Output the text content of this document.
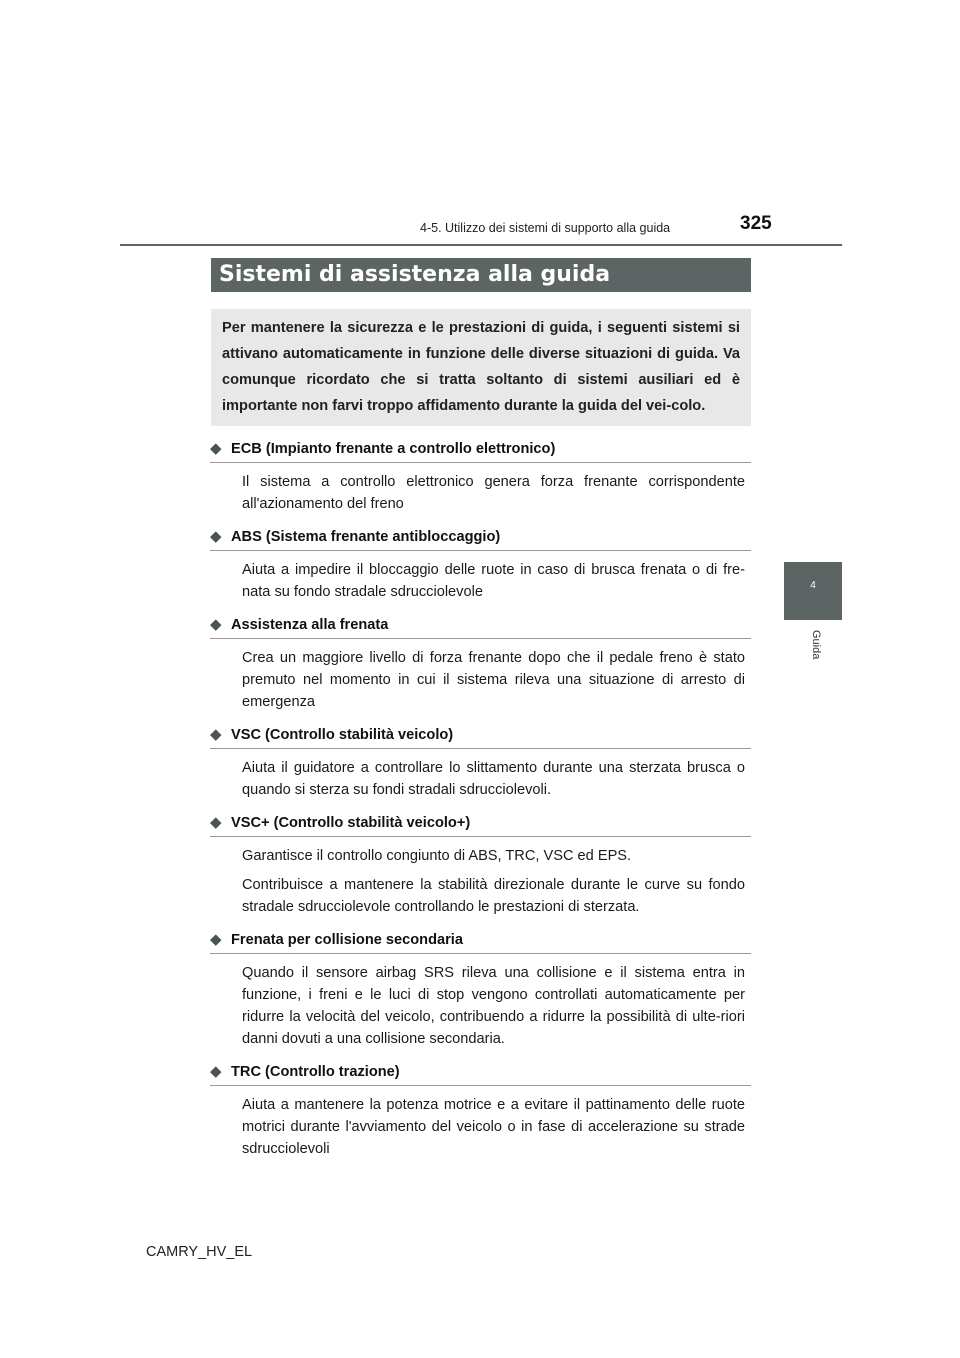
4-5. Utilizzo dei sistemi di supporto alla guida	325
4
Guida
Sistemi di assistenza alla guida
Per mantenere la sicurezza e le prestazioni di guida, i seguenti sistemi si attivano automaticamente in funzione delle diverse situazioni di guida. Va comunque ricordato che si tratta soltanto di sistemi ausiliari ed è importante non farvi troppo affidamento durante la guida del vei-colo.
◆ ECB (Impianto frenante a controllo elettronico)

Il sistema a controllo elettronico genera forza frenante corrispondente all'azionamento del freno

◆ ABS (Sistema frenante antibloccaggio)

Aiuta a impedire il bloccaggio delle ruote in caso di brusca frenata o di fre-nata su fondo stradale sdrucciolevole

◆ Assistenza alla frenata

Crea un maggiore livello di forza frenante dopo che il pedale freno è stato premuto nel momento in cui il sistema rileva una situazione di arresto di emergenza

◆ VSC (Controllo stabilità veicolo)

Aiuta il guidatore a controllare lo slittamento durante una sterzata brusca o quando si sterza su fondi stradali sdrucciolevoli.

◆ VSC+ (Controllo stabilità veicolo+)

Garantisce il controllo congiunto di ABS, TRC, VSC ed EPS.

Contribuisce a mantenere la stabilità direzionale durante le curve su fondo stradale sdrucciolevole controllando le prestazioni di sterzata.

◆ Frenata per collisione secondaria

Quando il sensore airbag SRS rileva una collisione e il sistema entra in funzione, i freni e le luci di stop vengono controllati automaticamente per ridurre la velocità del veicolo, contribuendo a ridurre la possibilità di ulte-riori danni dovuti a una collisione secondaria.

◆ TRC (Controllo trazione)

Aiuta a mantenere la potenza motrice e a evitare il pattinamento delle ruote motrici durante l'avviamento del veicolo o in fase di accelerazione su strade sdrucciolevoli

CAMRY_HV_EL
